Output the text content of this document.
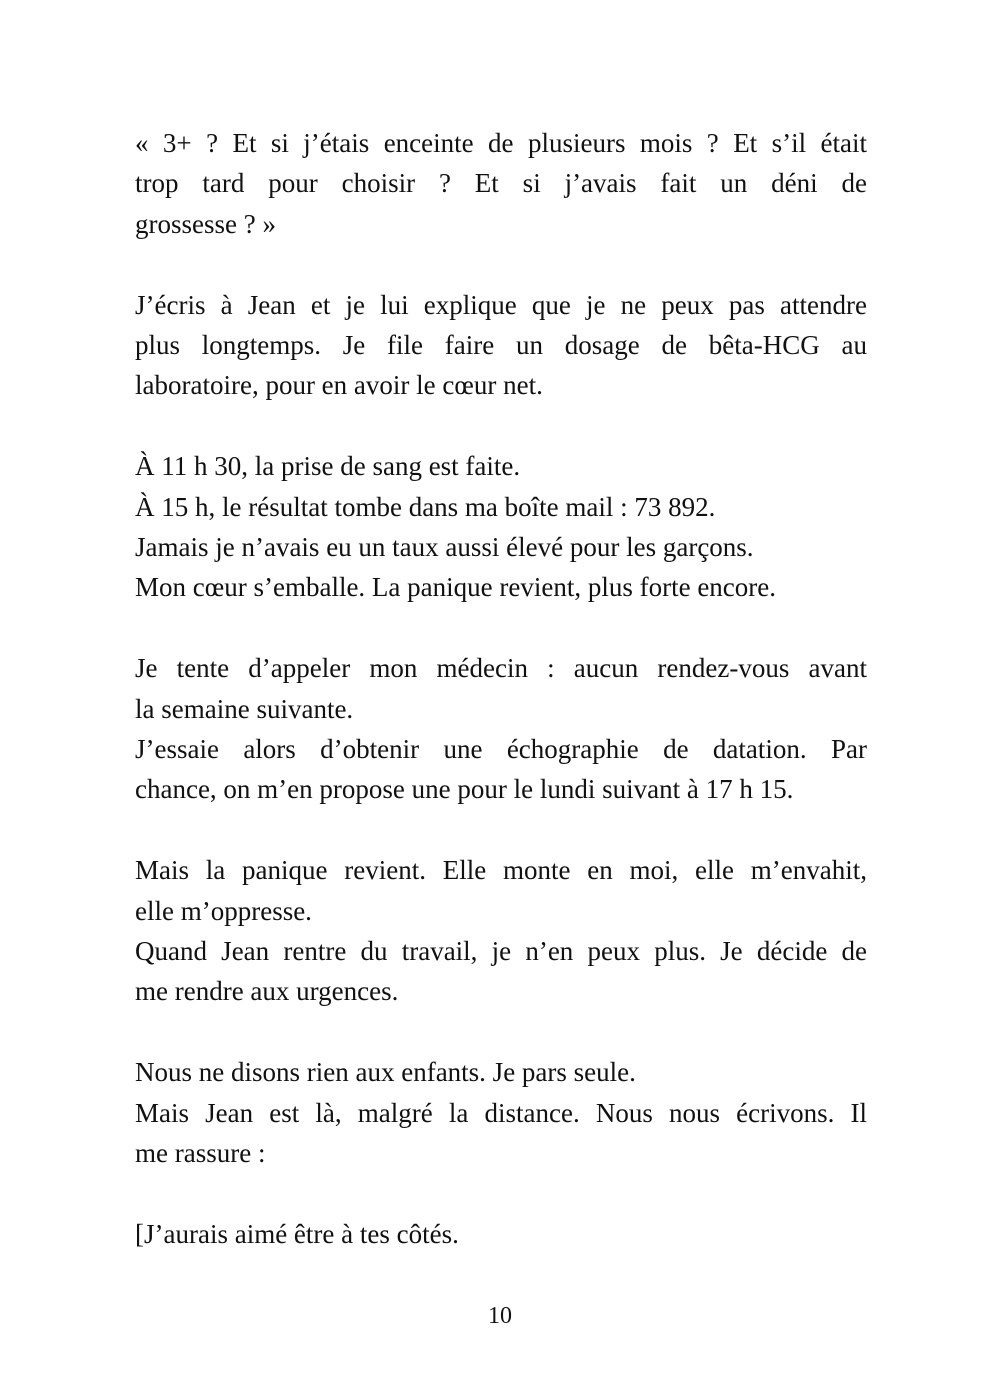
« 3+ ? Et si j’étais enceinte de plusieurs mois ? Et s’il était
trop tard pour choisir ? Et si j’avais fait un déni de
grossesse ? »
J’écris à Jean et je lui explique que je ne peux pas attendre
plus longtemps. Je file faire un dosage de bêta-HCG au
laboratoire, pour en avoir le cœur net.
À 11 h 30, la prise de sang est faite.
À 15 h, le résultat tombe dans ma boîte mail : 73 892.
Jamais je n’avais eu un taux aussi élevé pour les garçons.
Mon cœur s’emballe. La panique revient, plus forte encore.
Je tente d’appeler mon médecin : aucun rendez-vous avant
la semaine suivante.
J’essaie alors d’obtenir une échographie de datation. Par
chance, on m’en propose une pour le lundi suivant à 17 h 15.
Mais la panique revient. Elle monte en moi, elle m’envahit,
elle m’oppresse.
Quand Jean rentre du travail, je n’en peux plus. Je décide de
me rendre aux urgences.
Nous ne disons rien aux enfants. Je pars seule.
Mais Jean est là, malgré la distance. Nous nous écrivons. Il
me rassure :
[J’aurais aimé être à tes côtés.
10
